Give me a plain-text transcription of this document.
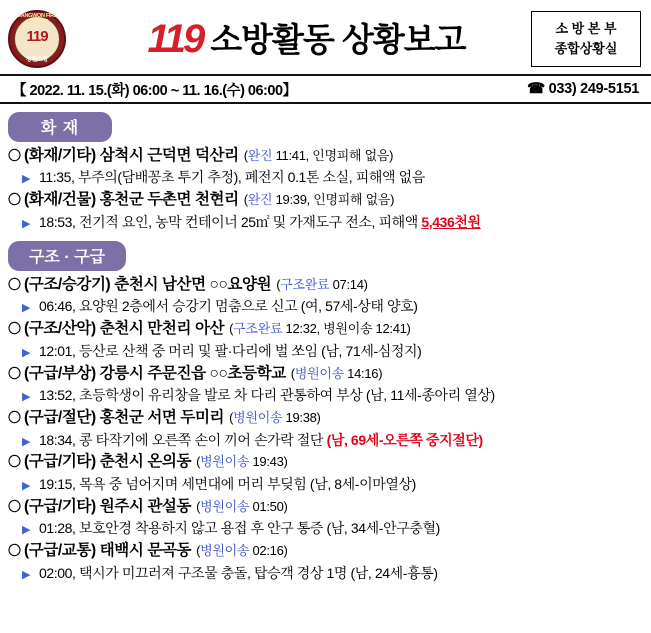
GANGWON FIRE SERVICE
119
강원소방	119 소방활동 상황보고	소 방 본 부
종합상황실
【 2022. 11. 15.(화) 06:00 ~ 11. 16.(수) 06:00】	☎ 033) 249-5151
화 재
〇 (화재/기타) 삼척시 근덕면 덕산리 (완진 11:41, 인명피해 없음)
▶ 11:35, 부주의(담배꽁초 투기 추정), 폐전지 0.1톤 소실, 피해액 없음
〇 (화재/건물) 홍천군 두촌면 천현리 (완진 19:39, 인명피해 없음)
▶ 18:53, 전기적 요인, 농막 컨테이너 25㎡ 및 가재도구 전소, 피해액 5,436천원
구조 · 구급
〇 (구조/승강기) 춘천시 남산면 ○○요양원 (구조완료 07:14)
▶ 06:46, 요양원 2층에서 승강기 멈춤으로 신고 (여, 57세-상태 양호)
〇 (구조/산악) 춘천시 만천리 아산 (구조완료 12:32, 병원이송 12:41)
▶ 12:01, 등산로 산책 중 머리 및 팔·다리에 벌 쏘임 (남, 71세-심정지)
〇 (구급/부상) 강릉시 주문진읍 ○○초등학교 (병원이송 14:16)
▶ 13:52, 초등학생이 유리창을 발로 차 다리 관통하여 부상 (남, 11세-종아리 열상)
〇 (구급/절단) 홍천군 서면 두미리 (병원이송 19:38)
▶ 18:34, 콩 타작기에 오른쪽 손이 끼어 손가락 절단 (남, 69세-오른쪽 중지절단)
〇 (구급/기타) 춘천시 온의동 (병원이송 19:43)
▶ 19:15, 목욕 중 넘어지며 세면대에 머리 부딪힘 (남, 8세-이마열상)
〇 (구급/기타) 원주시 관설동 (병원이송 01:50)
▶ 01:28, 보호안경 착용하지 않고 용접 후 안구 통증 (남, 34세-안구충혈)
〇 (구급/교통) 태백시 문곡동 (병원이송 02:16)
▶ 02:00, 택시가 미끄러져 구조물 충돌, 탑승객 경상 1명 (남, 24세-흉통)
